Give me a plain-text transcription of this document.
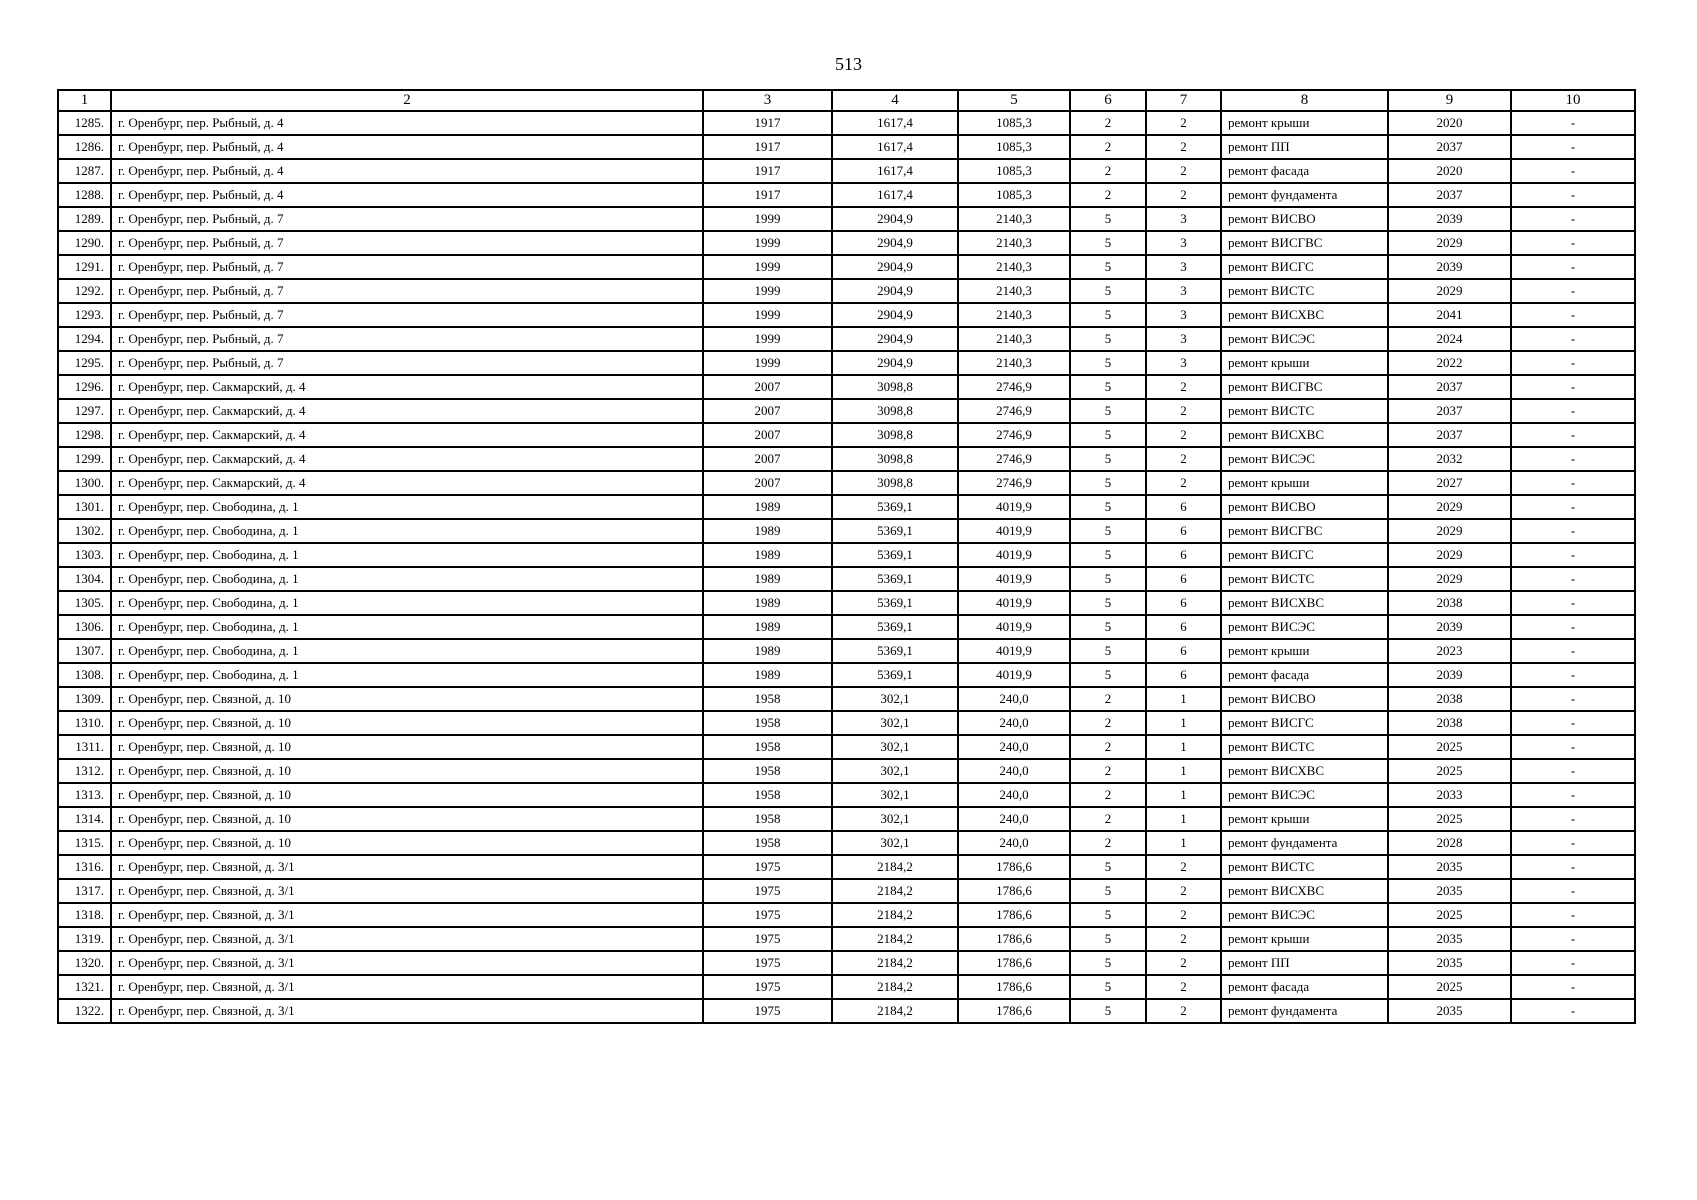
513
1	2	3	4	5	6	7	8	9	10
1285.	г. Оренбург, пер. Рыбный, д. 4	1917	1617,4	1085,3	2	2	ремонт крыши	2020	-
1286.	г. Оренбург, пер. Рыбный, д. 4	1917	1617,4	1085,3	2	2	ремонт ПП	2037	-
1287.	г. Оренбург, пер. Рыбный, д. 4	1917	1617,4	1085,3	2	2	ремонт фасада	2020	-
1288.	г. Оренбург, пер. Рыбный, д. 4	1917	1617,4	1085,3	2	2	ремонт фундамента	2037	-
1289.	г. Оренбург, пер. Рыбный, д. 7	1999	2904,9	2140,3	5	3	ремонт ВИСВО	2039	-
1290.	г. Оренбург, пер. Рыбный, д. 7	1999	2904,9	2140,3	5	3	ремонт ВИСГВС	2029	-
1291.	г. Оренбург, пер. Рыбный, д. 7	1999	2904,9	2140,3	5	3	ремонт ВИСГС	2039	-
1292.	г. Оренбург, пер. Рыбный, д. 7	1999	2904,9	2140,3	5	3	ремонт ВИСТС	2029	-
1293.	г. Оренбург, пер. Рыбный, д. 7	1999	2904,9	2140,3	5	3	ремонт ВИСХВС	2041	-
1294.	г. Оренбург, пер. Рыбный, д. 7	1999	2904,9	2140,3	5	3	ремонт ВИСЭС	2024	-
1295.	г. Оренбург, пер. Рыбный, д. 7	1999	2904,9	2140,3	5	3	ремонт крыши	2022	-
1296.	г. Оренбург, пер. Сакмарский, д. 4	2007	3098,8	2746,9	5	2	ремонт ВИСГВС	2037	-
1297.	г. Оренбург, пер. Сакмарский, д. 4	2007	3098,8	2746,9	5	2	ремонт ВИСТС	2037	-
1298.	г. Оренбург, пер. Сакмарский, д. 4	2007	3098,8	2746,9	5	2	ремонт ВИСХВС	2037	-
1299.	г. Оренбург, пер. Сакмарский, д. 4	2007	3098,8	2746,9	5	2	ремонт ВИСЭС	2032	-
1300.	г. Оренбург, пер. Сакмарский, д. 4	2007	3098,8	2746,9	5	2	ремонт крыши	2027	-
1301.	г. Оренбург, пер. Свободина, д. 1	1989	5369,1	4019,9	5	6	ремонт ВИСВО	2029	-
1302.	г. Оренбург, пер. Свободина, д. 1	1989	5369,1	4019,9	5	6	ремонт ВИСГВС	2029	-
1303.	г. Оренбург, пер. Свободина, д. 1	1989	5369,1	4019,9	5	6	ремонт ВИСГС	2029	-
1304.	г. Оренбург, пер. Свободина, д. 1	1989	5369,1	4019,9	5	6	ремонт ВИСТС	2029	-
1305.	г. Оренбург, пер. Свободина, д. 1	1989	5369,1	4019,9	5	6	ремонт ВИСХВС	2038	-
1306.	г. Оренбург, пер. Свободина, д. 1	1989	5369,1	4019,9	5	6	ремонт ВИСЭС	2039	-
1307.	г. Оренбург, пер. Свободина, д. 1	1989	5369,1	4019,9	5	6	ремонт крыши	2023	-
1308.	г. Оренбург, пер. Свободина, д. 1	1989	5369,1	4019,9	5	6	ремонт фасада	2039	-
1309.	г. Оренбург, пер. Связной, д. 10	1958	302,1	240,0	2	1	ремонт ВИСВО	2038	-
1310.	г. Оренбург, пер. Связной, д. 10	1958	302,1	240,0	2	1	ремонт ВИСГС	2038	-
1311.	г. Оренбург, пер. Связной, д. 10	1958	302,1	240,0	2	1	ремонт ВИСТС	2025	-
1312.	г. Оренбург, пер. Связной, д. 10	1958	302,1	240,0	2	1	ремонт ВИСХВС	2025	-
1313.	г. Оренбург, пер. Связной, д. 10	1958	302,1	240,0	2	1	ремонт ВИСЭС	2033	-
1314.	г. Оренбург, пер. Связной, д. 10	1958	302,1	240,0	2	1	ремонт крыши	2025	-
1315.	г. Оренбург, пер. Связной, д. 10	1958	302,1	240,0	2	1	ремонт фундамента	2028	-
1316.	г. Оренбург, пер. Связной, д. 3/1	1975	2184,2	1786,6	5	2	ремонт ВИСТС	2035	-
1317.	г. Оренбург, пер. Связной, д. 3/1	1975	2184,2	1786,6	5	2	ремонт ВИСХВС	2035	-
1318.	г. Оренбург, пер. Связной, д. 3/1	1975	2184,2	1786,6	5	2	ремонт ВИСЭС	2025	-
1319.	г. Оренбург, пер. Связной, д. 3/1	1975	2184,2	1786,6	5	2	ремонт крыши	2035	-
1320.	г. Оренбург, пер. Связной, д. 3/1	1975	2184,2	1786,6	5	2	ремонт ПП	2035	-
1321.	г. Оренбург, пер. Связной, д. 3/1	1975	2184,2	1786,6	5	2	ремонт фасада	2025	-
1322.	г. Оренбург, пер. Связной, д. 3/1	1975	2184,2	1786,6	5	2	ремонт фундамента	2035	-
